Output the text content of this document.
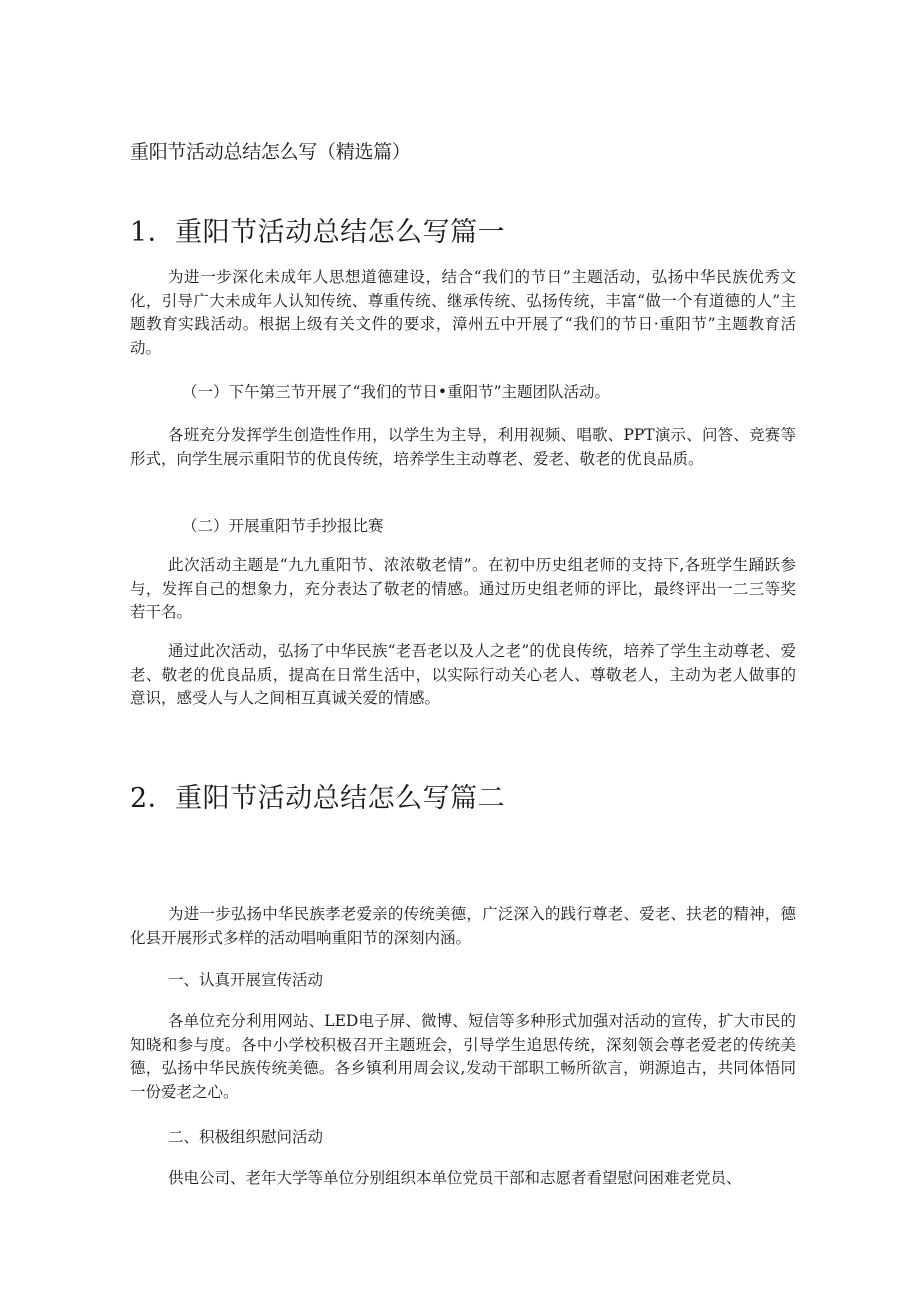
重阳节活动总结怎么写（精选篇）
1．重阳节活动总结怎么写篇一

为进一步深化未成年人思想道德建设，结合“我们的节日”主题活动，弘扬中华民族优秀文化，引导广大未成年人认知传统、尊重传统、继承传统、弘扬传统，丰富“做一个有道德的人”主题教育实践活动。根据上级有关文件的要求，漳州五中开展了“我们的节日·重阳节”主题教育活动。

（一）下午第三节开展了“我们的节日•重阳节”主题团队活动。

各班充分发挥学生创造性作用，以学生为主导，利用视频、唱歌、PPT演示、问答、竞赛等形式，向学生展示重阳节的优良传统，培养学生主动尊老、爱老、敬老的优良品质。

（二）开展重阳节手抄报比赛

此次活动主题是“九九重阳节、浓浓敬老情”。在初中历史组老师的支持下,各班学生踊跃参与，发挥自己的想象力，充分表达了敬老的情感。通过历史组老师的评比，最终评出一二三等奖若干名。

通过此次活动，弘扬了中华民族“老吾老以及人之老”的优良传统，培养了学生主动尊老、爱老、敬老的优良品质，提高在日常生活中，以实际行动关心老人、尊敬老人，主动为老人做事的意识，感受人与人之间相互真诚关爱的情感。

2．重阳节活动总结怎么写篇二

为进一步弘扬中华民族孝老爱亲的传统美德，广泛深入的践行尊老、爱老、扶老的精神，德化县开展形式多样的活动唱响重阳节的深刻内涵。

一、认真开展宣传活动

各单位充分利用网站、LED电子屏、微博、短信等多种形式加强对活动的宣传，扩大市民的知晓和参与度。各中小学校积极召开主题班会，引导学生追思传统，深刻领会尊老爱老的传统美德，弘扬中华民族传统美德。各乡镇利用周会议,发动干部职工畅所欲言，朔源追古，共同体悟同一份爱老之心。

二、积极组织慰问活动

供电公司、老年大学等单位分别组织本单位党员干部和志愿者看望慰问困难老党员、
